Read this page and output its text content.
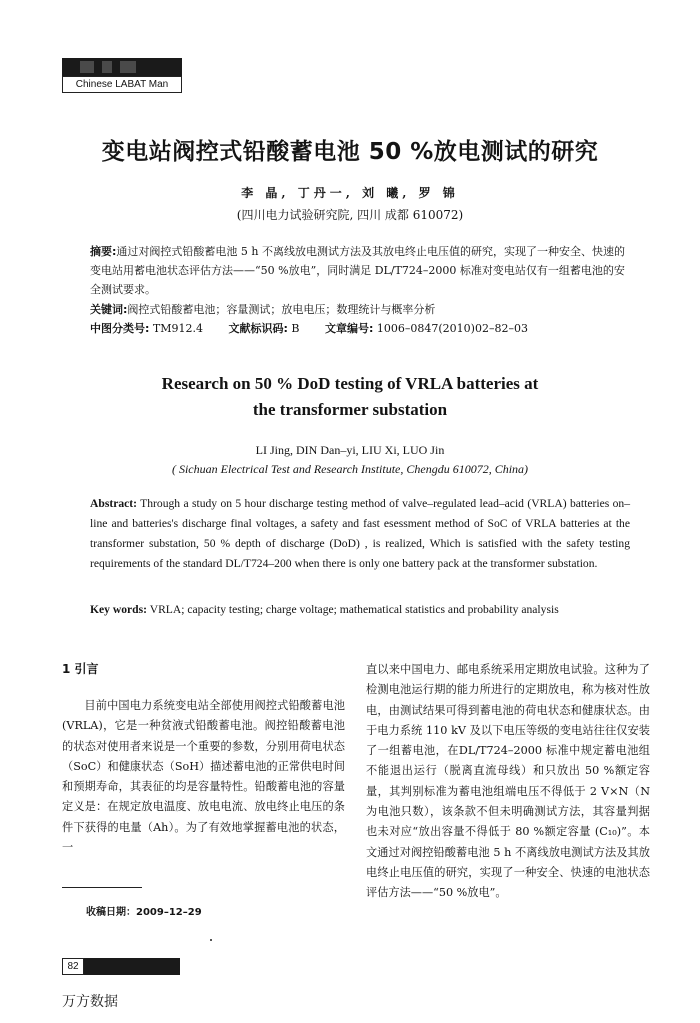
Chinese LABAT Man
变电站阀控式铅酸蓄电池 50 %放电测试的研究
李 晶, 丁丹一, 刘 曦, 罗 锦
(四川电力试验研究院, 四川 成都 610072)
摘要:通过对阀控式铅酸蓄电池 5 h 不离线放电测试方法及其放电终止电压值的研究，实现了一种安全、快速的变电站用蓄电池状态评估方法——“50 %放电”，同时满足 DL/T724–2000 标准对变电站仅有一组蓄电池的安全测试要求。
关键词:阀控式铅酸蓄电池；容量测试；放电电压；数理统计与概率分析
中图分类号: TM912.4 文献标识码: B 文章编号: 1006–0847(2010)02–82–03
Research on 50 % DoD testing of VRLA batteries at
the transformer substation
LI Jing, DIN Dan–yi, LIU Xi, LUO Jin
( Sichuan Electrical Test and Research Institute, Chengdu 610072, China)
Abstract: Through a study on 5 hour discharge testing method of valve–regulated lead–acid (VRLA) batteries on–line and batteries's discharge final voltages, a safety and fast esessment method of SoC of VRLA batteries at the transformer substation, 50 % depth of discharge (DoD) , is realized, Which is satisfied with the safety testing requirements of the standard DL/T724–200 when there is only one battery pack at the transformer substation.
Key words: VRLA; capacity testing; charge voltage; mathematical statistics and probability analysis
1 引言
目前中国电力系统变电站全部使用阀控式铅酸蓄电池(VRLA)，它是一种贫液式铅酸蓄电池。阀控铅酸蓄电池的状态对使用者来说是一个重要的参数，分别用荷电状态（SoC）和健康状态（SoH）描述蓄电池的正常供电时间和预期寿命，其表征的均是容量特性。铅酸蓄电池的容量定义是：在规定放电温度、放电电流、放电终止电压的条件下获得的电量（Ah）。为了有效地掌握蓄电池的状态，一
直以来中国电力、邮电系统采用定期放电试验。这种为了检测电池运行期的能力所进行的定期放电，称为核对性放电，由测试结果可得到蓄电池的荷电状态和健康状态。由于电力系统 110 kV 及以下电压等级的变电站往往仅安装了一组蓄电池，在DL/T724–2000 标准中规定蓄电池组不能退出运行（脱离直流母线）和只放出 50 %额定容量，其判别标准为蓄电池组端电压不得低于 2 V×N（N 为电池只数），该条款不但未明确测试方法，其容量判据也未对应“放出容量不得低于 80 %额定容量 (C₁₀)”。本文通过对阀控铅酸蓄电池 5 h 不离线放电测试方法及其放电终止电压值的研究，实现了一种安全、快速的电池状态评估方法——“50 %放电”。
收稿日期：2009–12–29
82
万方数据
